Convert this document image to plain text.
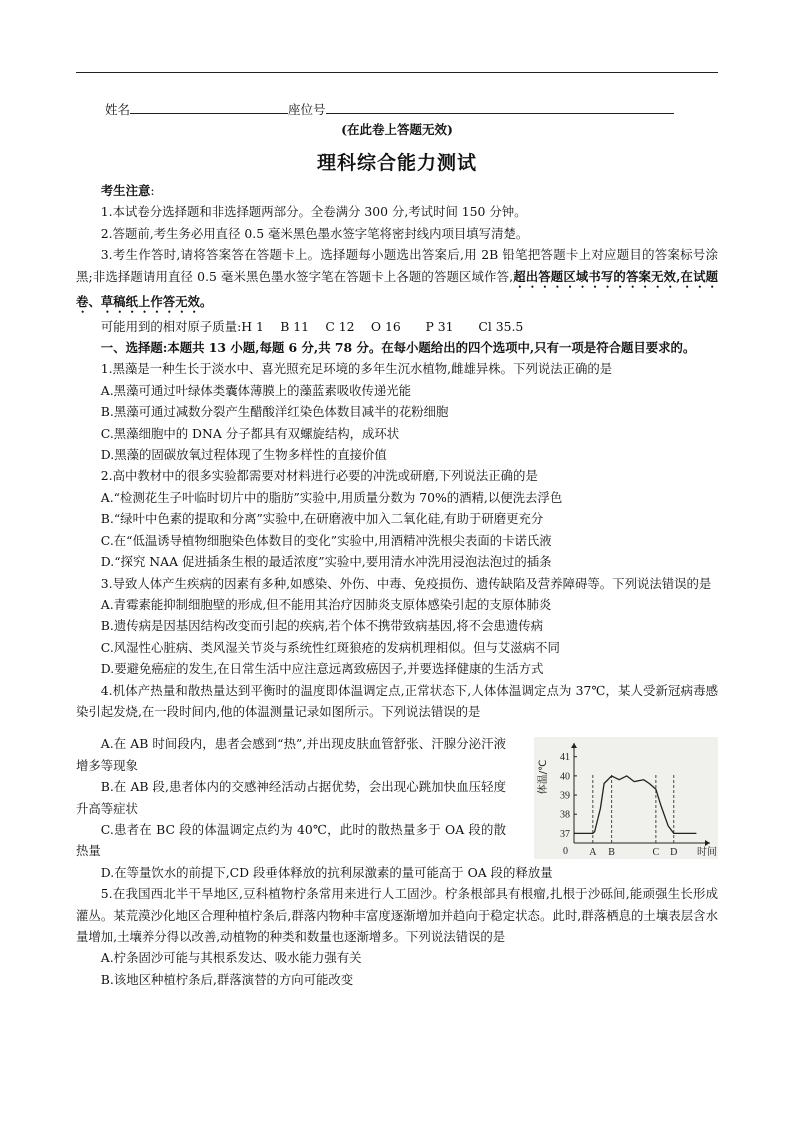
姓名	座位号
(在此卷上答题无效)
理科综合能力测试

考生注意:

1.本试卷分选择题和非选择题两部分。全卷满分 300 分,考试时间 150 分钟。

2.答题前,考生务必用直径 0.5 毫米黑色墨水签字笔将密封线内项目填写清楚。

3.考生作答时,请将答案答在答题卡上。选择题每小题选出答案后,用 2B 铅笔把答题卡上对应题目的答案标号涂黑;非选择题请用直径 0.5 毫米黑色墨水签字笔在答题卡上各题的答题区域作答,超出答题区域书写的答案无效,在试题卷、草稿纸上作答无效。

可能用到的相对原子质量:H 1　 B 11　 C 12　 O 16　　P 31　　Cl 35.5

一、选择题:本题共 13 小题,每题 6 分,共 78 分。在每小题给出的四个选项中,只有一项是符合题目要求的。

1.黑藻是一种生长于淡水中、喜光照充足环境的多年生沉水植物,雌雄异株。下列说法正确的是

A.黑藻可通过叶绿体类囊体薄膜上的藻蓝素吸收传递光能

B.黑藻可通过减数分裂产生醋酸洋红染色体数目减半的花粉细胞

C.黑藻细胞中的 DNA 分子都具有双螺旋结构，成环状

D.黑藻的固碳放氧过程体现了生物多样性的直接价值

2.高中教材中的很多实验都需要对材料进行必要的冲洗或研磨,下列说法正确的是

A.“检测花生子叶临时切片中的脂肪”实验中,用质量分数为 70%的酒精,以便洗去浮色

B.“绿叶中色素的提取和分离”实验中,在研磨液中加入二氧化硅,有助于研磨更充分

C.在“低温诱导植物细胞染色体数目的变化”实验中,用酒精冲洗根尖表面的卡诺氏液

D.“探究 NAA 促进插条生根的最适浓度”实验中,要用清水冲洗用浸泡法泡过的插条

3.导致人体产生疾病的因素有多种,如感染、外伤、中毒、免疫损伤、遗传缺陷及营养障碍等。下列说法错误的是

A.青霉素能抑制细胞壁的形成,但不能用其治疗因肺炎支原体感染引起的支原体肺炎

B.遗传病是因基因结构改变而引起的疾病,若个体不携带致病基因,将不会患遗传病

C.风湿性心脏病、类风湿关节炎与系统性红斑狼疮的发病机理相似。但与艾滋病不同

D.要避免癌症的发生,在日常生活中应注意远离致癌因子,并要选择健康的生活方式

4.机体产热量和散热量达到平衡时的温度即体温调定点,正常状态下,人体体温调定点为 37℃，某人受新冠病毒感染引起发烧,在一段时间内,他的体温测量记录如图所示。下列说法错误的是

A.在 AB 时间段内，患者会感到“热”,并出现皮肤血管舒张、汗腺分泌汗液增多等现象

B.在 AB 段,患者体内的交感神经活动占据优势，会出现心跳加快血压轻度升高等症状

C.患者在 BC 段的体温调定点约为 40℃，此时的散热量多于 OA 段的散热量

37
38
39
40
41
体温/℃
0	时间
A B	C D

D.在等量饮水的前提下,CD 段垂体释放的抗利尿激素的量可能高于 OA 段的释放量

5.在我国西北半干旱地区,豆科植物柠条常用来进行人工固沙。柠条根部具有根瘤,扎根于沙砾间,能顽强生长形成灌丛。某荒漠沙化地区合理种植柠条后,群落内物种丰富度逐渐增加并趋向于稳定状态。此时,群落栖息的土壤表层含水量增加,土壤养分得以改善,动植物的种类和数量也逐渐增多。下列说法错误的是

A.柠条固沙可能与其根系发达、吸水能力强有关

B.该地区种植柠条后,群落演替的方向可能改变
